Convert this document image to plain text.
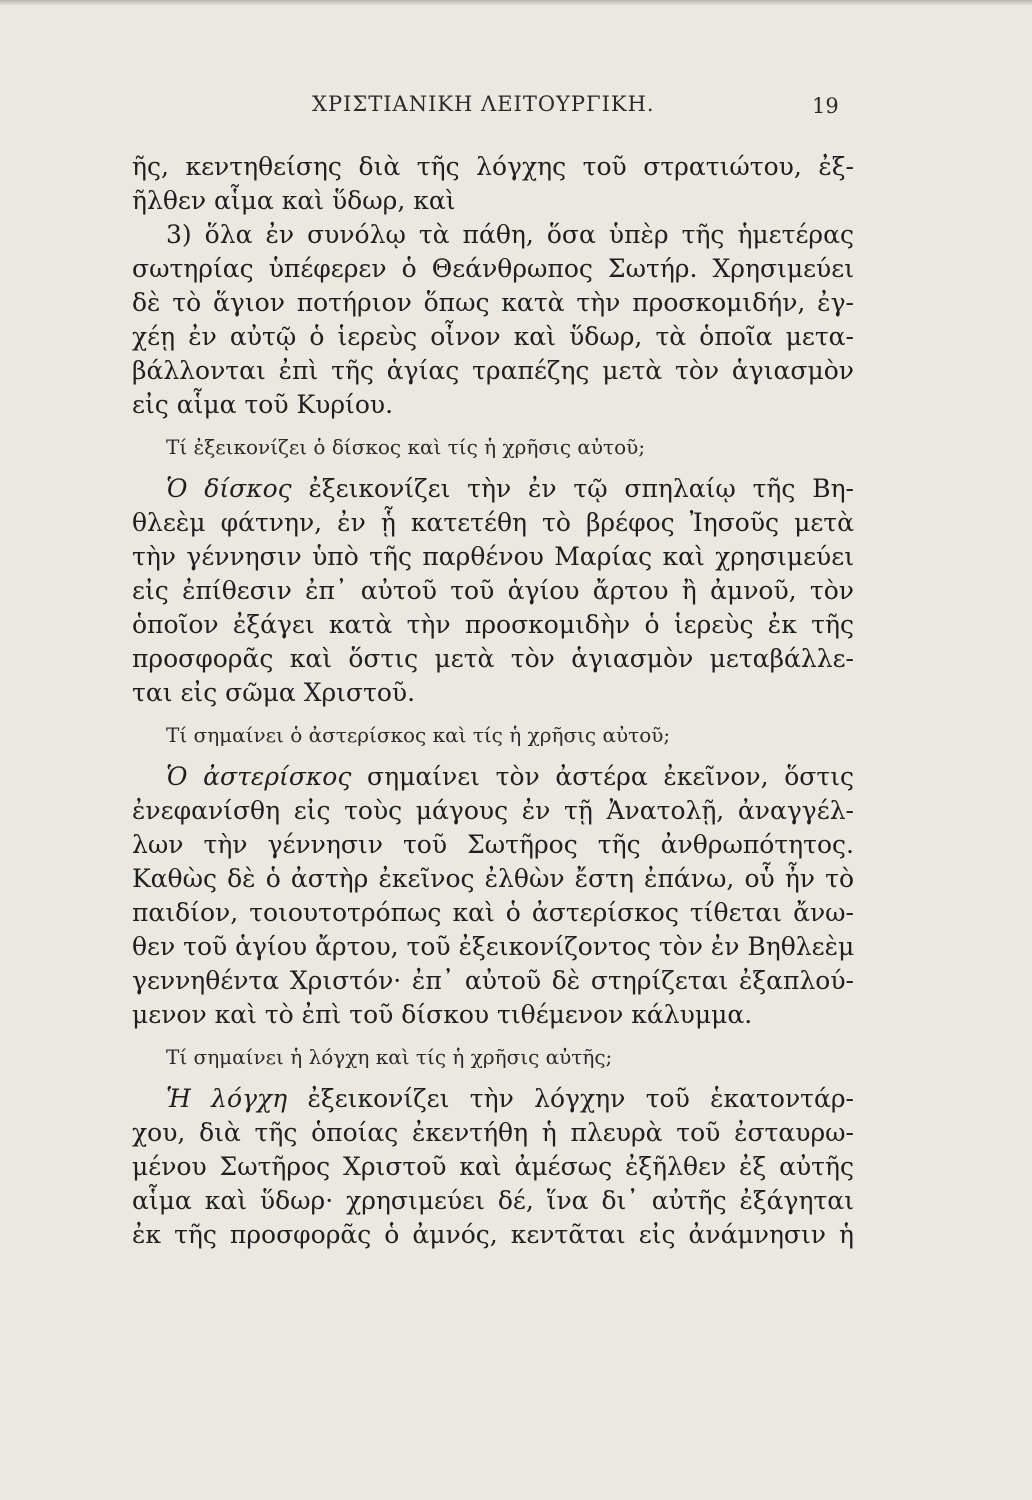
ΧΡΙΣΤΙΑΝΙΚΗ ΛΕΙΤΟΥΡΓΙΚΗ.	19
ῆς, κεντηθείσης διὰ τῆς λόγχης τοῦ στρατιώτου, ἐξ-
ῆλθεν αἷμα καὶ ὕδωρ, καὶ
3) ὅλα ἐν συνόλῳ τὰ πάθη, ὅσα ὑπὲρ τῆς ἡμετέρας
σωτηρίας ὑπέφερεν ὁ Θεάνθρωπος Σωτήρ. Χρησιμεύει
δὲ τὸ ἅγιον ποτήριον ὅπως κατὰ τὴν προσκομιδήν, ἐγ-
χέῃ ἐν αὐτῷ ὁ ἱερεὺς οἶνον καὶ ὕδωρ, τὰ ὁποῖα μετα-
βάλλονται ἐπὶ τῆς ἁγίας τραπέζης μετὰ τὸν ἁγιασμὸν
εἰς αἷμα τοῦ Κυρίου.
Τί ἐξεικονίζει ὁ δίσκος καὶ τίς ἡ χρῆσις αὐτοῦ;
Ὁ δίσκος ἐξεικονίζει τὴν ἐν τῷ σπηλαίῳ τῆς Βη-
θλεὲμ φάτνην, ἐν ᾗ κατετέθη τὸ βρέφος Ἰησοῦς μετὰ
τὴν γέννησιν ὑπὸ τῆς παρθένου Μαρίας καὶ χρησιμεύει
εἰς ἐπίθεσιν ἐπ᾽ αὐτοῦ τοῦ ἁγίου ἄρτου ἢ ἀμνοῦ, τὸν
ὁποῖον ἐξάγει κατὰ τὴν προσκομιδὴν ὁ ἱερεὺς ἐκ τῆς
προσφορᾶς καὶ ὅστις μετὰ τὸν ἁγιασμὸν μεταβάλλε-
ται εἰς σῶμα Χριστοῦ.
Τί σημαίνει ὁ ἀστερίσκος καὶ τίς ἡ χρῆσις αὐτοῦ;
Ὁ ἀστερίσκος σημαίνει τὸν ἀστέρα ἐκεῖνον, ὅστις
ἐνεφανίσθη εἰς τοὺς μάγους ἐν τῇ Ἀνατολῇ, ἀναγγέλ-
λων τὴν γέννησιν τοῦ Σωτῆρος τῆς ἀνθρωπότητος.
Καθὼς δὲ ὁ ἀστὴρ ἐκεῖνος ἐλθὼν ἔστη ἐπάνω, οὗ ἦν τὸ
παιδίον, τοιουτοτρόπως καὶ ὁ ἀστερίσκος τίθεται ἄνω-
θεν τοῦ ἁγίου ἄρτου, τοῦ ἐξεικονίζοντος τὸν ἐν Βηθλεὲμ
γεννηθέντα Χριστόν· ἐπ᾽ αὐτοῦ δὲ στηρίζεται ἐξαπλού-
μενον καὶ τὸ ἐπὶ τοῦ δίσκου τιθέμενον κάλυμμα.
Τί σημαίνει ἡ λόγχη καὶ τίς ἡ χρῆσις αὐτῆς;
Ἡ λόγχη ἐξεικονίζει τὴν λόγχην τοῦ ἑκατοντάρ-
χου, διὰ τῆς ὁποίας ἐκεντήθη ἡ πλευρὰ τοῦ ἐσταυρω-
μένου Σωτῆρος Χριστοῦ καὶ ἀμέσως ἐξῆλθεν ἐξ αὐτῆς
αἷμα καὶ ὕδωρ· χρησιμεύει δέ, ἵνα δι᾽ αὐτῆς ἐξάγηται
ἐκ τῆς προσφορᾶς ὁ ἀμνός, κεντᾶται εἰς ἀνάμνησιν ἡ
